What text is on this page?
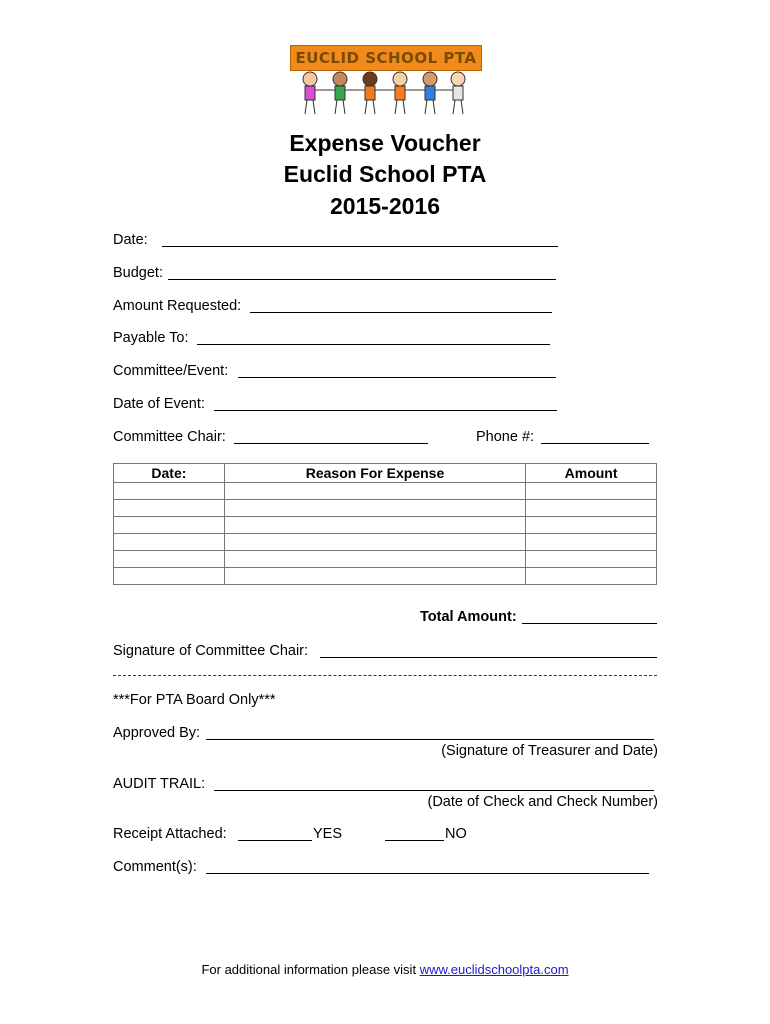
EUCLID SCHOOL PTA
Expense Voucher
Euclid School PTA
2015-2016
Date:
Budget:
Amount Requested:
Payable To:
Committee/Event:
Date of Event:
Committee Chair:	Phone #:
Date:	Reason For Expense	Amount

Total Amount:
Signature of Committee Chair:
***For PTA Board Only***
Approved By:
(Signature of Treasurer and Date)
AUDIT TRAIL:
(Date of Check and Check Number)
Receipt Attached:	YES	NO
Comment(s):
For additional information please visit www.euclidschoolpta.com
